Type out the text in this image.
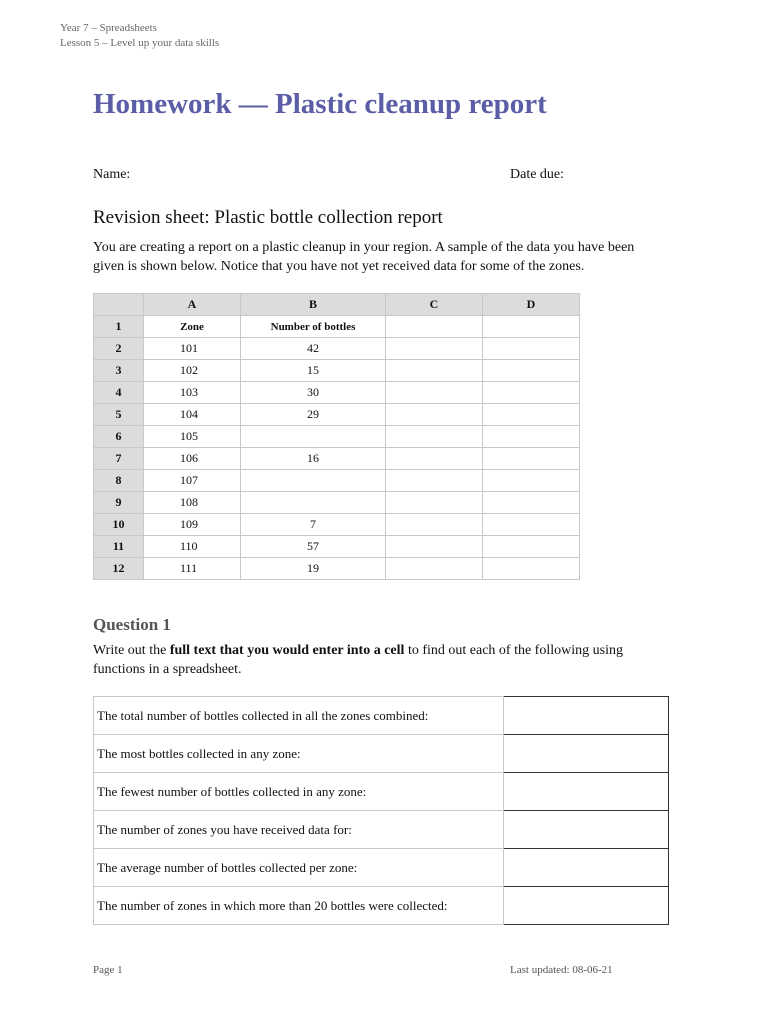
Year 7 – Spreadsheets
Lesson 5 – Level up your data skills
Homework — Plastic cleanup report
Name:	Date due:
Revision sheet: Plastic bottle collection report

You are creating a report on a plastic cleanup in your region. A sample of the data you have been given is shown below. Notice that you have not yet received data for some of the zones.

	A	B	C	D
1	Zone	Number of bottles		
2	101	42		
3	102	15		
4	103	30		
5	104	29		
6	105			
7	106	16		
8	107			
9	108			
10	109	7		
11	110	57		
12	111	19		
Question 1

Write out the full text that you would enter into a cell to find out each of the following using functions in a spreadsheet.

The total number of bottles collected in all the zones combined:	
The most bottles collected in any zone:	
The fewest number of bottles collected in any zone:	
The number of zones you have received data for:	
The average number of bottles collected per zone:	
The number of zones in which more than 20 bottles were collected:	
Page 1	Last updated: 08-06-21
